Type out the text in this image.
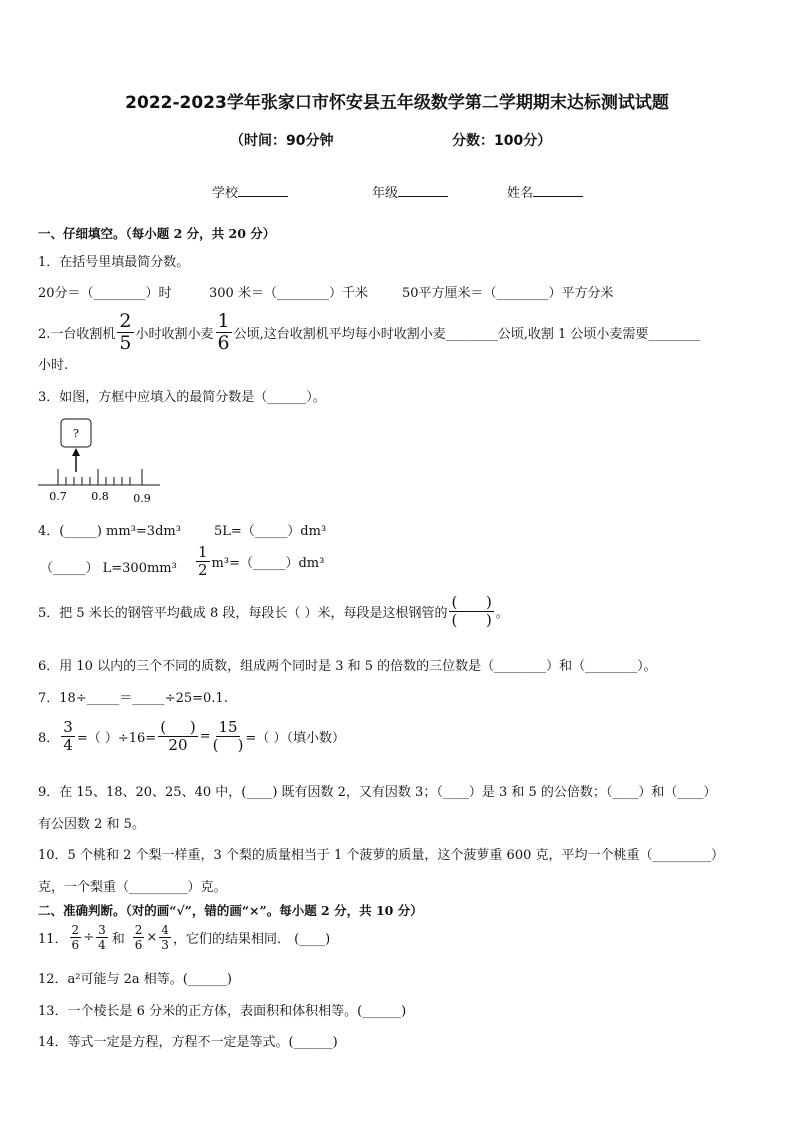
2022-2023学年张家口市怀安县五年级数学第二学期期末达标测试试题
（时间：90分钟	分数：100分）
学校	年级	姓名
一、仔细填空。（每小题 2 分，共 20 分）
1．在括号里填最简分数。
20分＝（________）时	300 米＝（________）千米	50平方厘米＝（________）平方分米
2.一台收割机 $\frac{2}{5}$ 小时收割小麦 $\frac{1}{6}$ 公顷,这台收割机平均每小时收割小麦________公顷,收割 1 公顷小麦需要________
小时.
3．如图，方框中应填入的最简分数是（______）。
?
0.7 0.8 0.9
4．(_____) mm³=3dm³	5L=（_____）dm³
（_____） $L=300mm^3 \frac{1}{2}$ m³=（_____）dm³
5．把 5 米长的钢管平均截成 8 段，每段长（ ）米，每段是这根钢管的 $\frac{( )}{( )}$ 。
6．用 10 以内的三个不同的质数，组成两个同时是 3 和 5 的倍数的三位数是（________）和（________）。
7．18÷_____＝_____÷25=0.1.
8． $\frac{3}{4}$ =（ ）$\div 16= \frac{( )}{20} = \frac{15}{( )}$ =（ ）（填小数）
9．在 15、18、20、25、40 中，(____) 既有因数 2，又有因数 3；（____）是 3 和 5 的公倍数；（____）和（____）
有公因数 2 和 5。
10．5 个桃和 2 个梨一样重，3 个梨的质量相当于 1 个菠萝的质量，这个菠萝重 600 克，平均一个桃重（_________）
克，一个梨重（_________）克。
二、准确判断。（对的画“√”，错的画“×”。每小题 2 分，共 10 分）
11． $\frac{2}{6} \div \frac{3}{4}$ 和 $\frac{2}{6} \times \frac{4}{3}$ ，它们的结果相同． (____)
12．a²可能与 2a 相等。(______)
13．一个棱长是 6 分米的正方体，表面积和体积相等。(______)
14．等式一定是方程，方程不一定是等式。(______)
